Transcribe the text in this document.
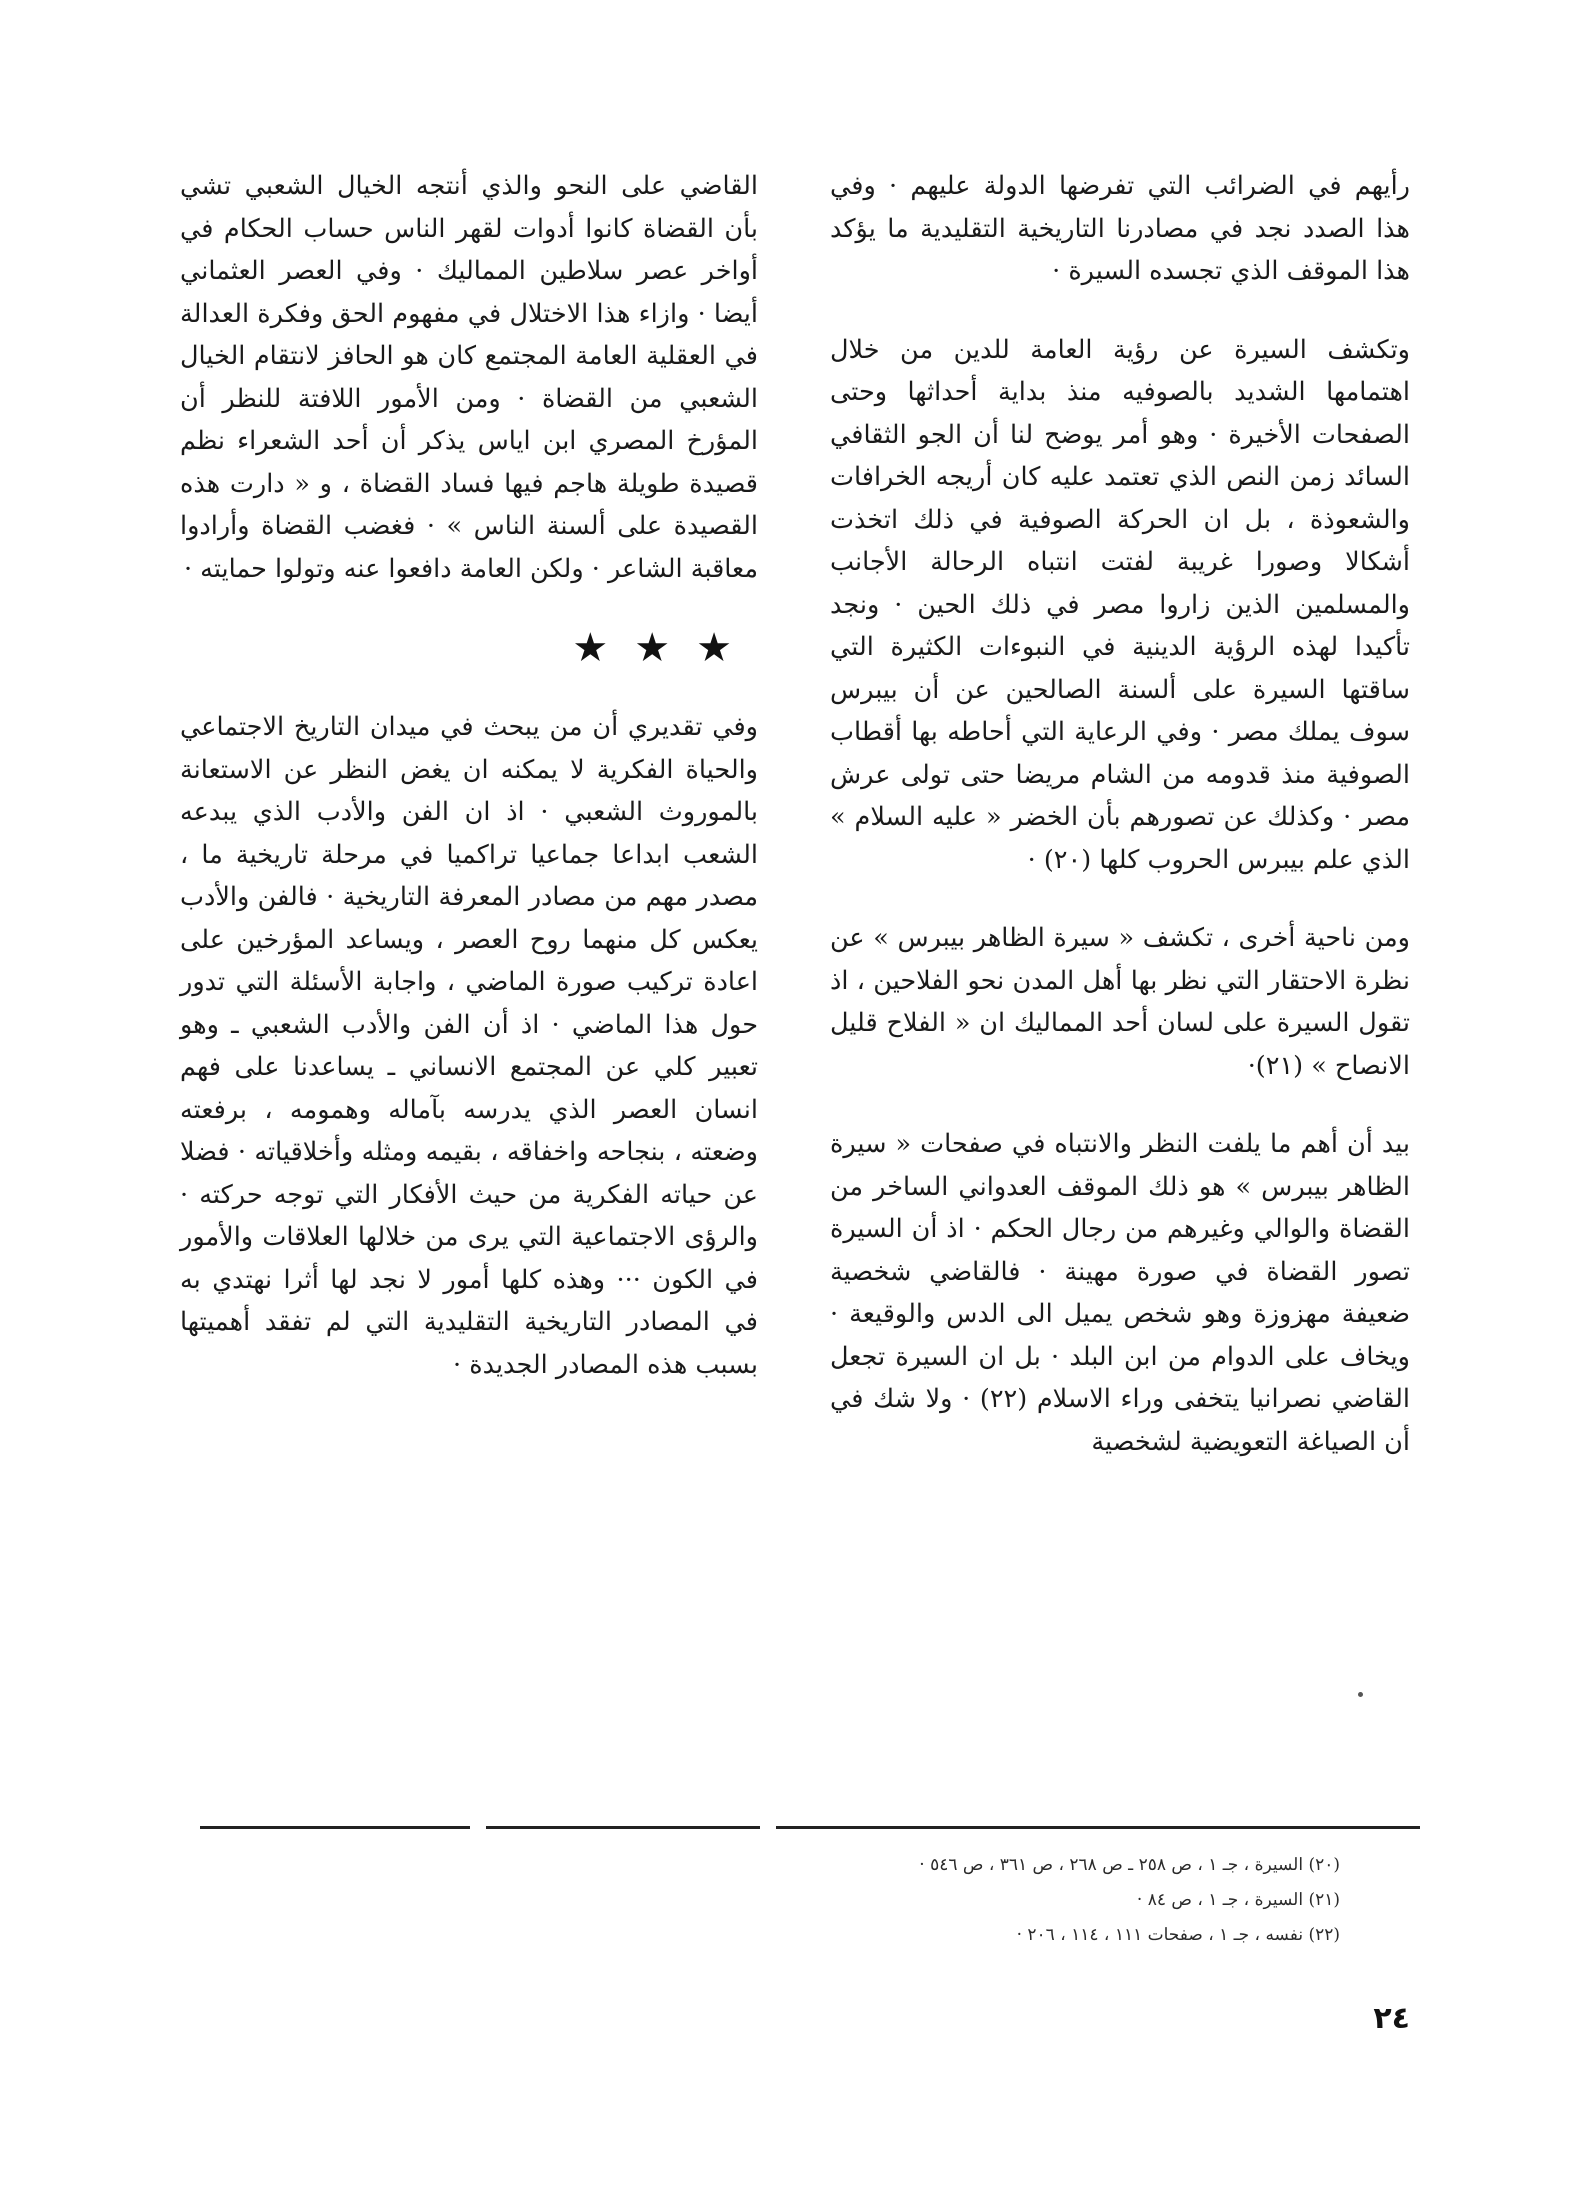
رأيهم في الضرائب التي تفرضها الدولة عليهم · وفي هذا الصدد نجد في مصادرنا التاريخية التقليدية ما يؤكد هذا الموقف الذي تجسده السيرة ·

وتكشف السيرة عن رؤية العامة للدين من خلال اهتمامها الشديد بالصوفيه منذ بداية أحداثها وحتى الصفحات الأخيرة · وهو أمر يوضح لنا أن الجو الثقافي السائد زمن النص الذي تعتمد عليه كان أريجه الخرافات والشعوذة ، بل ان الحركة الصوفية في ذلك اتخذت أشكالا وصورا غريبة لفتت انتباه الرحالة الأجانب والمسلمين الذين زاروا مصر في ذلك الحين · ونجد تأكيدا لهذه الرؤية الدينية في النبوءات الكثيرة التي ساقتها السيرة على ألسنة الصالحين عن أن بيبرس سوف يملك مصر · وفي الرعاية التي أحاطه بها أقطاب الصوفية منذ قدومه من الشام مريضا حتى تولى عرش مصر · وكذلك عن تصورهم بأن الخضر « عليه السلام » الذي علم بيبرس الحروب كلها (٢٠) ·

ومن ناحية أخرى ، تكشف « سيرة الظاهر بيبرس » عن نظرة الاحتقار التي نظر بها أهل المدن نحو الفلاحين ، اذ تقول السيرة على لسان أحد المماليك ان « الفلاح قليل الانصاح » (٢١)·

بيد أن أهم ما يلفت النظر والانتباه في صفحات « سيرة الظاهر بيبرس » هو ذلك الموقف العدواني الساخر من القضاة والوالي وغيرهم من رجال الحكم · اذ أن السيرة تصور القضاة في صورة مهينة · فالقاضي شخصية ضعيفة مهزوزة وهو شخص يميل الى الدس والوقيعة · ويخاف على الدوام من ابن البلد · بل ان السيرة تجعل القاضي نصرانيا يتخفى وراء الاسلام (٢٢) · ولا شك في أن الصياغة التعويضية لشخصية

القاضي على النحو والذي أنتجه الخيال الشعبي تشي بأن القضاة كانوا أدوات لقهر الناس حساب الحكام في أواخر عصر سلاطين المماليك · وفي العصر العثماني أيضا · وازاء هذا الاختلال في مفهوم الحق وفكرة العدالة في العقلية العامة المجتمع كان هو الحافز لانتقام الخيال الشعبي من القضاة · ومن الأمور اللافتة للنظر أن المؤرخ المصري ابن اياس يذكر أن أحد الشعراء نظم قصيدة طويلة هاجم فيها فساد القضاة ، و « دارت هذه القصيدة على ألسنة الناس » · فغضب القضاة وأرادوا معاقبة الشاعر · ولكن العامة دافعوا عنه وتولوا حمايته ·

★★★

وفي تقديري أن من يبحث في ميدان التاريخ الاجتماعي والحياة الفكرية لا يمكنه ان يغض النظر عن الاستعانة بالموروث الشعبي · اذ ان الفن والأدب الذي يبدعه الشعب ابداعا جماعيا تراكميا في مرحلة تاريخية ما ، مصدر مهم من مصادر المعرفة التاريخية · فالفن والأدب يعكس كل منهما روح العصر ، ويساعد المؤرخين على اعادة تركيب صورة الماضي ، واجابة الأسئلة التي تدور حول هذا الماضي · اذ أن الفن والأدب الشعبي ـ وهو تعبير كلي عن المجتمع الانساني ـ يساعدنا على فهم انسان العصر الذي يدرسه بآماله وهمومه ، برفعته وضعته ، بنجاحه واخفاقه ، بقيمه ومثله وأخلاقياته · فضلا عن حياته الفكرية من حيث الأفكار التي توجه حركته · والرؤى الاجتماعية التي يرى من خلالها العلاقات والأمور في الكون ··· وهذه كلها أمور لا نجد لها أثرا نهتدي به في المصادر التاريخية التقليدية التي لم تفقد أهميتها بسبب هذه المصادر الجديدة ·

(٢٠) السيرة ، جـ ١ ، ص ٢٥٨ ـ ص ٢٦٨ ، ص ٣٦١ ، ص ٥٤٦ ·

(٢١) السيرة ، جـ ١ ، ص ٨٤ ·

(٢٢) نفسه ، جـ ١ ، صفحات ١١١ ، ١١٤ ، ٢٠٦ ·

٢٤
